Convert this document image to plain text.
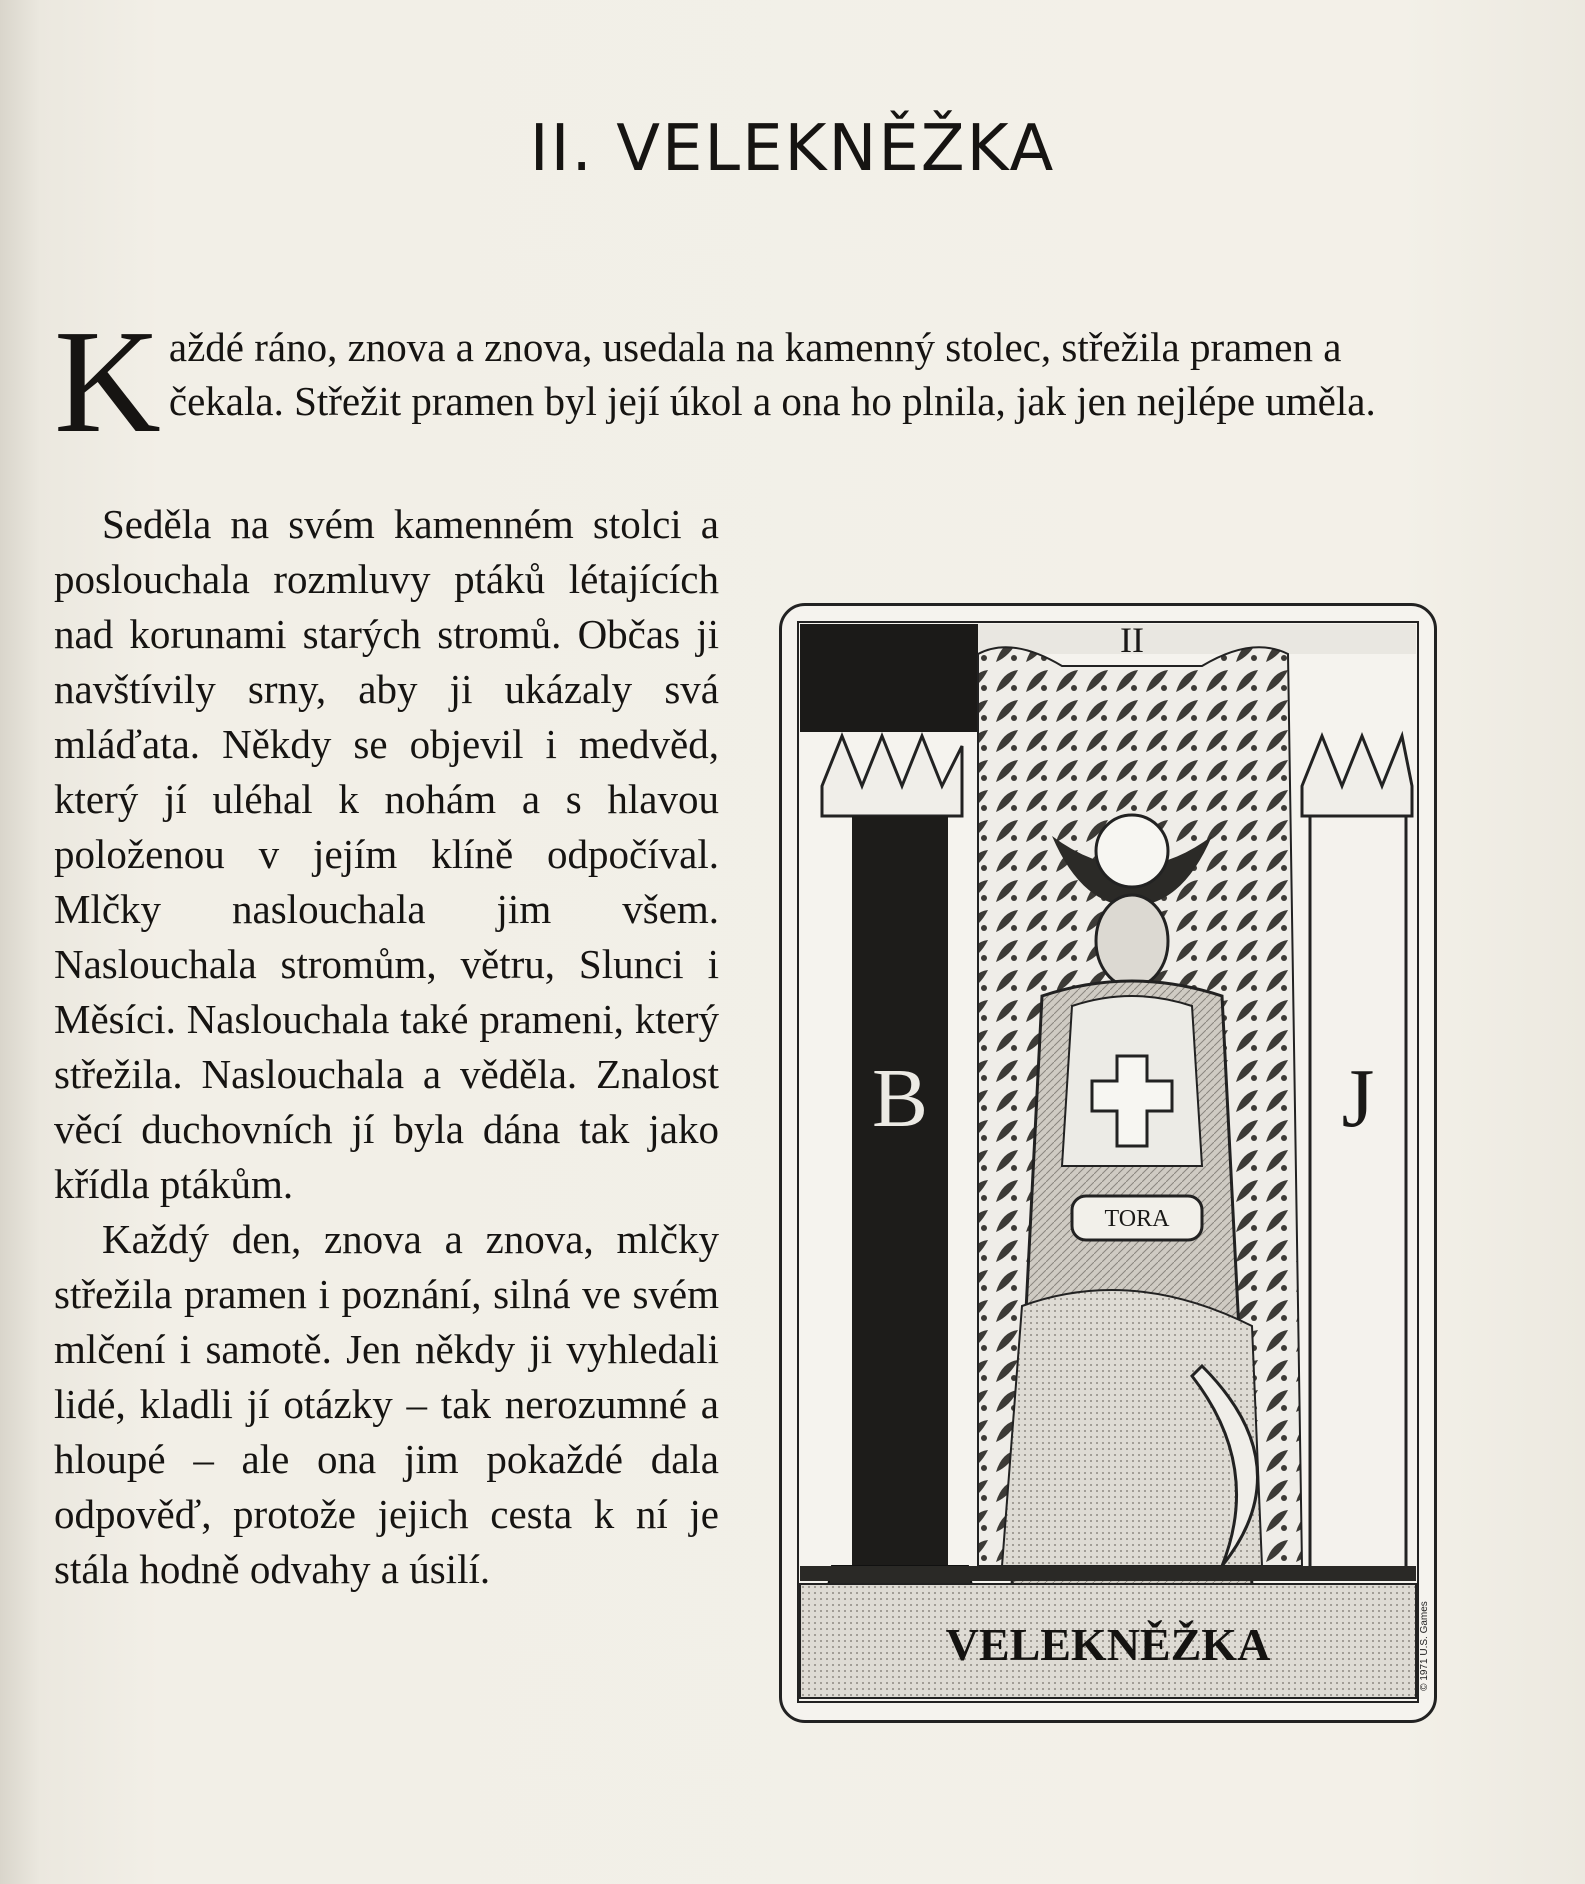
II. VELEKNĚŽKA
K aždé ráno, znova a znova, usedala na kamenný stolec, střežila pramen a čekala. Střežit pramen byl její úkol a ona ho plnila, jak jen nejlépe uměla.

Seděla na svém kamenném stolci a poslouchala rozmluvy ptáků létajících nad korunami starých stromů. Občas ji navštívily srny, aby ji ukázaly svá mláďata. Někdy se objevil i medvěd, který jí uléhal k nohám a s hlavou položenou v jejím klíně odpočíval. Mlčky naslouchala jim všem. Naslouchala stromům, větru, Slunci i Měsíci. Naslouchala také prameni, který střežila. Naslouchala a věděla. Znalost věcí duchovních jí byla dána tak jako křídla ptákům.

Každý den, znova a znova, mlčky střežila pramen i poznání, silná ve svém mlčení i samotě. Jen někdy ji vyhledali lidé, kladli jí otázky – tak nerozumné a hloupé – ale ona jim pokaždé dala odpověď, protože jejich cesta k ní je stála hodně odvahy a úsilí.

B	J
II
TORA
VELEKNĚŽKA	© 1971 U.S. Games
